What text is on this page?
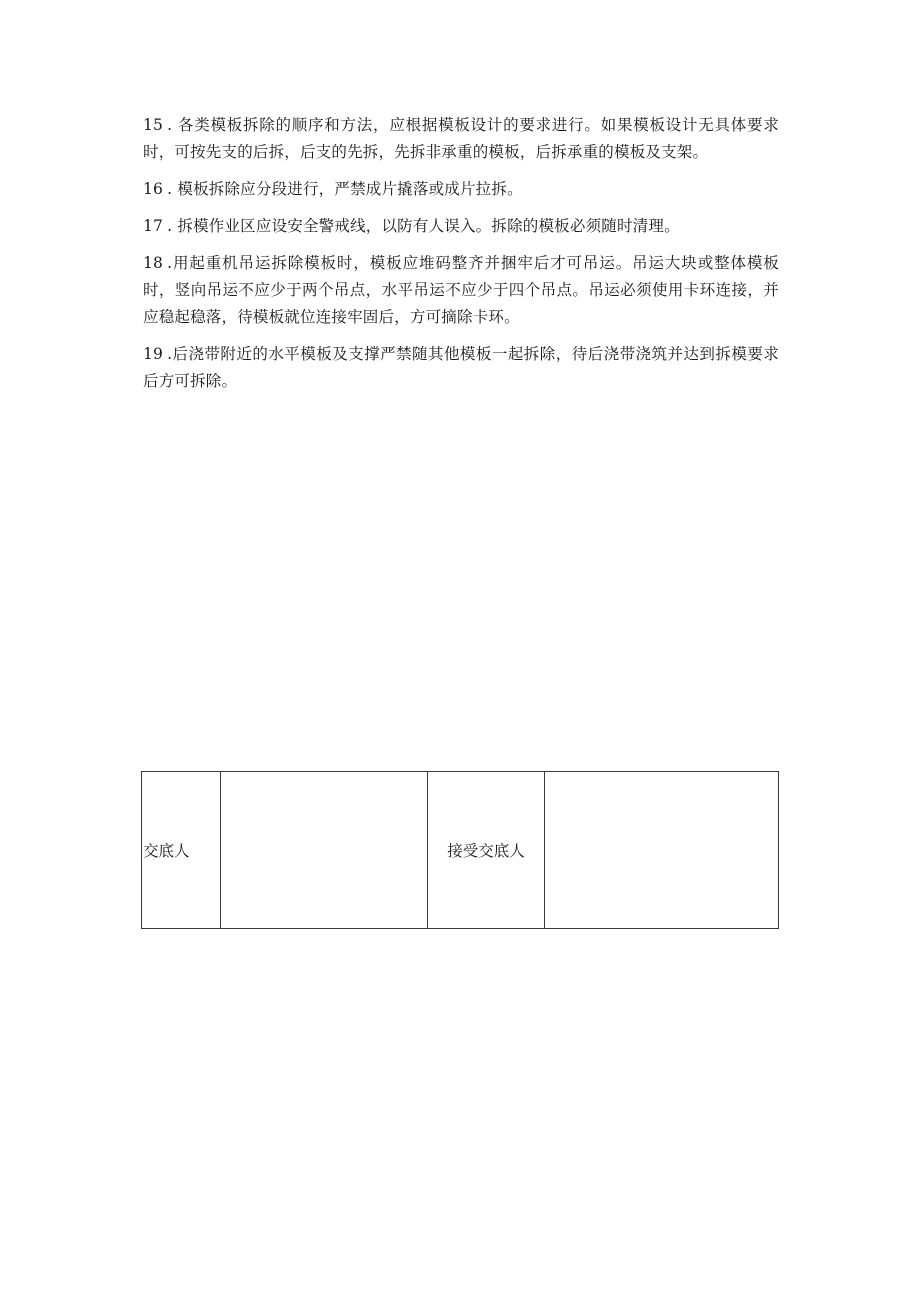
15 . 各类模板拆除的顺序和方法，应根据模板设计的要求进行。如果模板设计无具体要求时，可按先支的后拆，后支的先拆，先拆非承重的模板，后拆承重的模板及支架。

16 . 模板拆除应分段进行，严禁成片撬落或成片拉拆。

17 . 拆模作业区应设安全警戒线，以防有人误入。拆除的模板必须随时清理。

18 .用起重机吊运拆除模板时，模板应堆码整齐并捆牢后才可吊运。吊运大块或整体模板时，竖向吊运不应少于两个吊点，水平吊运不应少于四个吊点。吊运必须使用卡环连接，并应稳起稳落，待模板就位连接牢固后，方可摘除卡环。

19 .后浇带附近的水平模板及支撑严禁随其他模板一起拆除，待后浇带浇筑并达到拆模要求后方可拆除。

交底人		接受交底人	
